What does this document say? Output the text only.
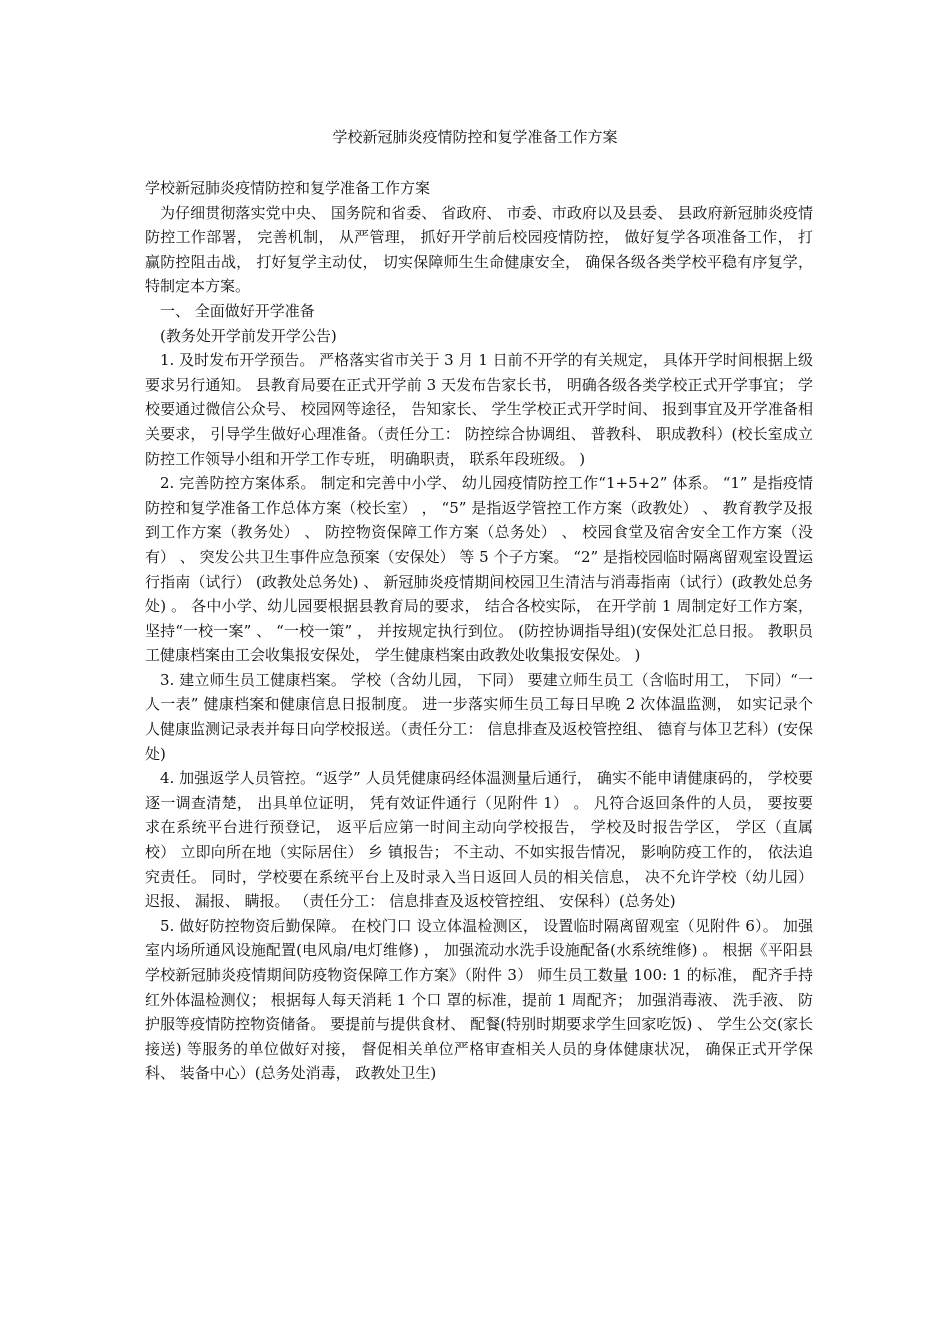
学校新冠肺炎疫情防控和复学准备工作方案

学校新冠肺炎疫情防控和复学准备工作方案

为仔细贯彻落实党中央、 国务院和省委、 省政府、 市委、市政府以及县委、 县政府新冠肺炎疫情防控工作部署， 完善机制， 从严管理， 抓好开学前后校园疫情防控， 做好复学各项准备工作， 打赢防控阻击战， 打好复学主动仗， 切实保障师生生命健康安全， 确保各级各类学校平稳有序复学， 特制定本方案。

一、 全面做好开学准备

(教务处开学前发开学公告)

1. 及时发布开学预告。 严格落实省市关于 3 月 1 日前不开学的有关规定， 具体开学时间根据上级要求另行通知。 县教育局要在正式开学前 3 天发布告家长书， 明确各级各类学校正式开学事宜； 学校要通过微信公众号、 校园网等途径， 告知家长、 学生学校正式开学时间、 报到事宜及开学准备相关要求， 引导学生做好心理准备。（责任分工： 防控综合协调组、 普教科、 职成教科）(校长室成立防控工作领导小组和开学工作专班， 明确职责， 联系年段班级。 )

2. 完善防控方案体系。 制定和完善中小学、 幼儿园疫情防控工作“1+5+2” 体系。 “1” 是指疫情防控和复学准备工作总体方案（校长室） ， “5” 是指返学管控工作方案（政教处） 、 教育教学及报到工作方案（教务处） 、 防控物资保障工作方案（总务处） 、 校园食堂及宿舍安全工作方案（没有） 、 突发公共卫生事件应急预案（安保处） 等 5 个子方案。 “2” 是指校园临时隔离留观室设置运行指南（试行） (政教处总务处) 、 新冠肺炎疫情期间校园卫生清洁与消毒指南（试行）(政教处总务处) 。 各中小学、幼儿园要根据县教育局的要求， 结合各校实际， 在开学前 1 周制定好工作方案， 坚持“一校一案” 、 “一校一策” ， 并按规定执行到位。 (防控协调指导组)(安保处汇总日报。 教职员工健康档案由工会收集报安保处， 学生健康档案由政教处收集报安保处。 )

3. 建立师生员工健康档案。 学校（含幼儿园， 下同） 要建立师生员工（含临时用工， 下同）“一人一表” 健康档案和健康信息日报制度。 进一步落实师生员工每日早晚 2 次体温监测， 如实记录个人健康监测记录表并每日向学校报送。（责任分工： 信息排查及返校管控组、 德育与体卫艺科）(安保处)

4. 加强返学人员管控。“返学” 人员凭健康码经体温测量后通行， 确实不能申请健康码的， 学校要逐一调查清楚， 出具单位证明， 凭有效证件通行（见附件 1） 。 凡符合返回条件的人员， 要按要求在系统平台进行预登记， 返平后应第一时间主动向学校报告， 学校及时报告学区， 学区（直属校） 立即向所在地（实际居住） 乡 镇报告； 不主动、不如实报告情况， 影响防疫工作的， 依法追究责任。 同时，学校要在系统平台上及时录入当日返回人员的相关信息， 决不允许学校（幼儿园） 迟报、 漏报、 瞒报。 （责任分工： 信息排查及返校管控组、 安保科）(总务处)

5. 做好防控物资后勤保障。 在校门口 设立体温检测区， 设置临时隔离留观室（见附件 6）。 加强室内场所通风设施配置(电风扇/电灯维修) ， 加强流动水洗手设施配备(水系统维修) 。 根据《平阳县学校新冠肺炎疫情期间防疫物资保障工作方案》（附件 3） 师生员工数量 100: 1 的标准， 配齐手持红外体温检测仪； 根据每人每天消耗 1 个口 罩的标准，提前 1 周配齐； 加强消毒液、 洗手液、 防护服等疫情防控物资储备。 要提前与提供食材、 配餐(特别时期要求学生回家吃饭) 、 学生公交(家长接送) 等服务的单位做好对接， 督促相关单位严格审查相关人员的身体健康状况， 确保正式开学保科、 装备中心）(总务处消毒， 政教处卫生)
